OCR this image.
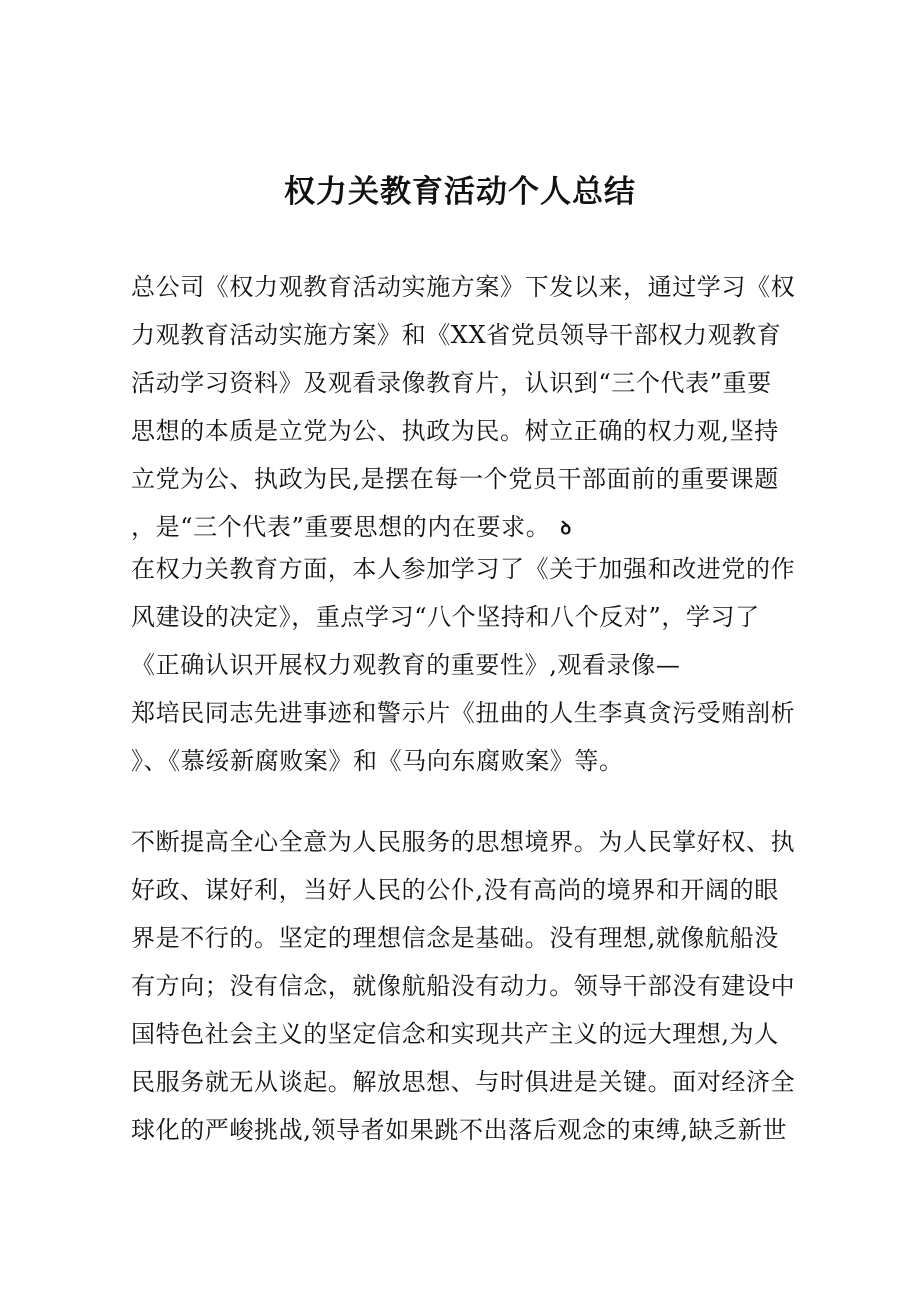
权力关教育活动个人总结
总公司《权力观教育活动实施方案》下发以来，通过学习《权
力观教育活动实施方案》和《XX省党员领导干部权力观教育
活动学习资料》及观看录像教育片，认识到“三个代表”重要
思想的本质是立党为公、执政为民。树立正确的权力观,坚持
立党为公、执政为民,是摆在每一个党员干部面前的重要课题
，是“三个代表”重要思想的内在要求。 ꝺ
在权力关教育方面，本人参加学习了《关于加强和改进党的作
风建设的决定》，重点学习“八个坚持和八个反对”，学习了
《正确认识开展权力观教育的重要性》,观看录像—
郑培民同志先进事迹和警示片《扭曲的人生李真贪污受贿剖析
》、《慕绥新腐败案》和《马向东腐败案》等。
不断提高全心全意为人民服务的思想境界。为人民掌好权、执
好政、谋好利，当好人民的公仆,没有高尚的境界和开阔的眼
界是不行的。坚定的理想信念是基础。没有理想,就像航船没
有方向；没有信念，就像航船没有动力。领导干部没有建设中
国特色社会主义的坚定信念和实现共产主义的远大理想,为人
民服务就无从谈起。解放思想、与时俱进是关键。面对经济全
球化的严峻挑战,领导者如果跳不出落后观念的束缚,缺乏新世
